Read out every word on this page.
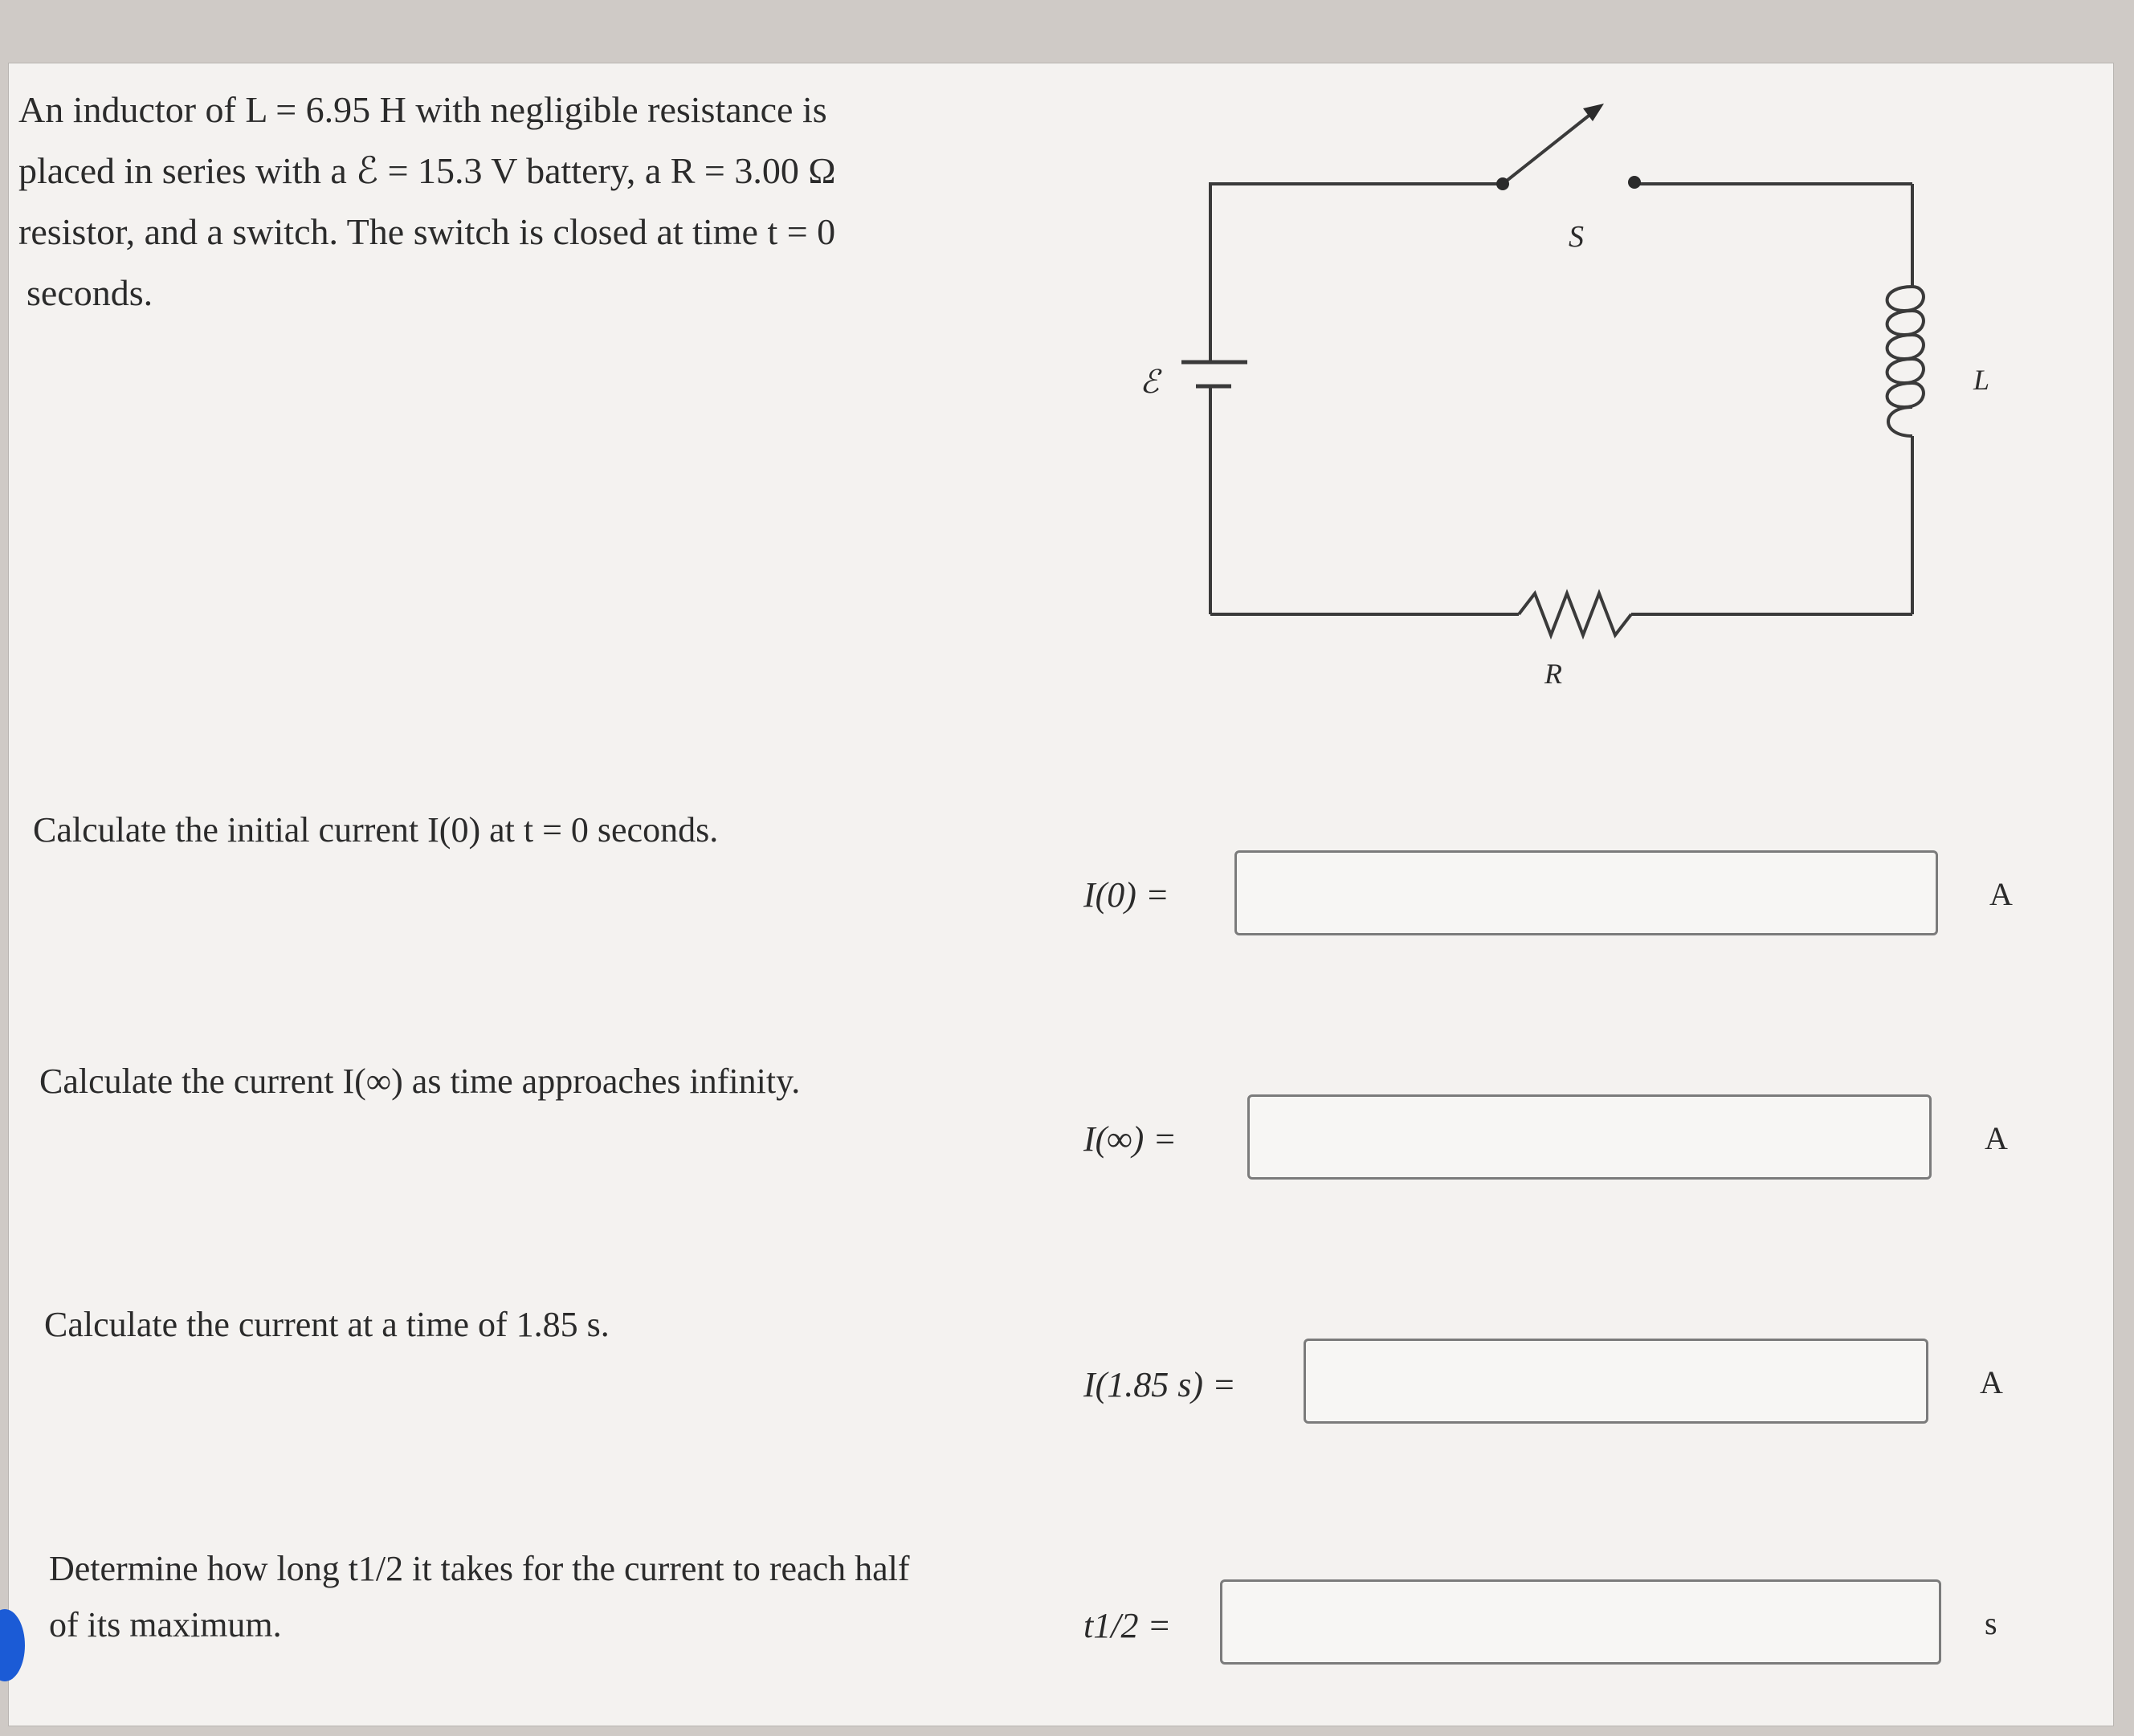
An inductor of L = 6.95 H with negligible resistance is
placed in series with a ℰ = 15.3 V battery, a R = 3.00 Ω
resistor, and a switch. The switch is closed at time t = 0
seconds.
S
ℰ	L
R
Calculate the initial current I(0) at t = 0 seconds.
I(0) =	A
Calculate the current I(∞) as time approaches infinity.
I(∞) =	A
Calculate the current at a time of 1.85 s.
I(1.85 s) =	A
Determine how long t1/2 it takes for the current to reach half
of its maximum.	t1/2 =	s
